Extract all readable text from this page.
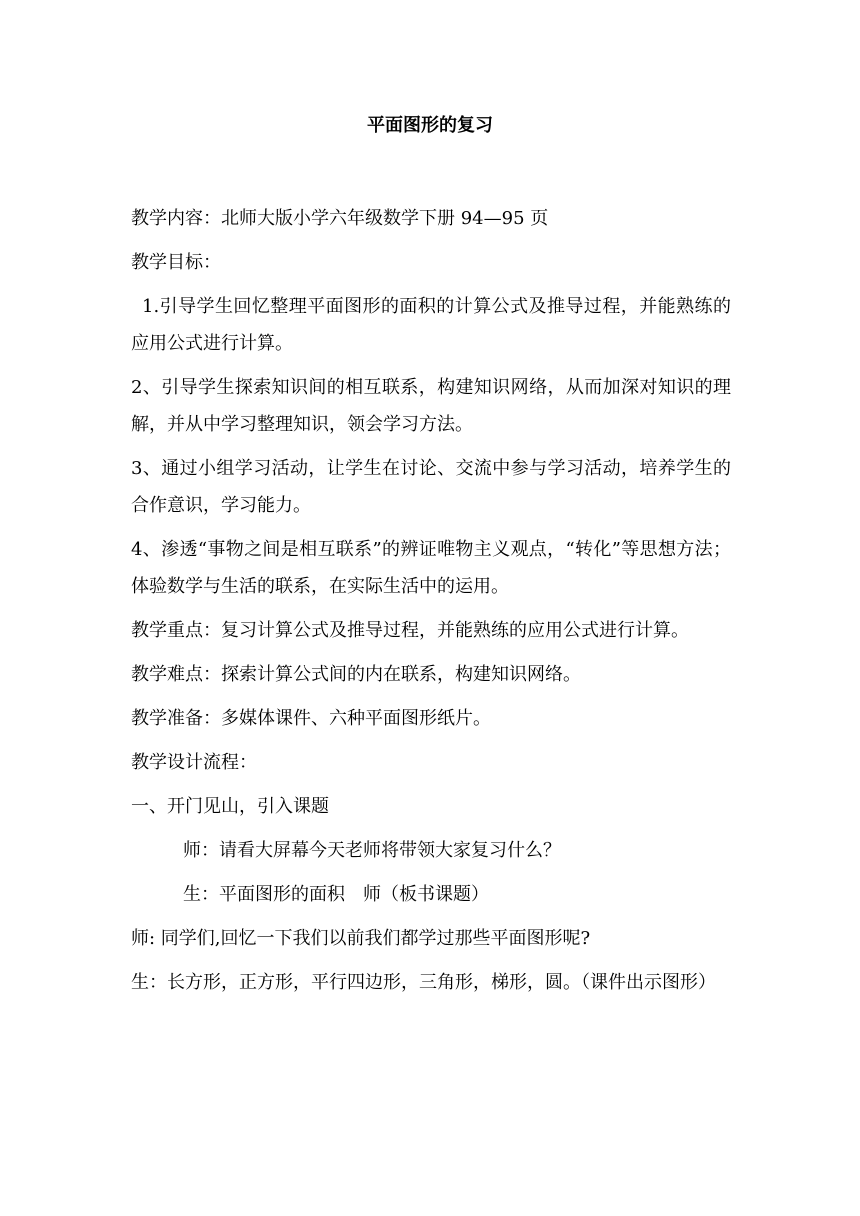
平面图形的复习

教学内容：北师大版小学六年级数学下册 94—95 页

教学目标：

1.引导学生回忆整理平面图形的面积的计算公式及推导过程，并能熟练的应用公式进行计算。

2、引导学生探索知识间的相互联系，构建知识网络，从而加深对知识的理解，并从中学习整理知识，领会学习方法。

3、通过小组学习活动，让学生在讨论、交流中参与学习活动，培养学生的合作意识，学习能力。

4、渗透“事物之间是相互联系”的辨证唯物主义观点，“转化”等思想方法；体验数学与生活的联系，在实际生活中的运用。

教学重点：复习计算公式及推导过程，并能熟练的应用公式进行计算。

教学难点：探索计算公式间的内在联系，构建知识网络。

教学准备：多媒体课件、六种平面图形纸片。

教学设计流程：

一、开门见山，引入课题

师：请看大屏幕今天老师将带领大家复习什么？

生：平面图形的面积　师（板书课题）

师: 同学们,回忆一下我们以前我们都学过那些平面图形呢?

生：长方形，正方形，平行四边形，三角形，梯形，圆。（课件出示图形）
